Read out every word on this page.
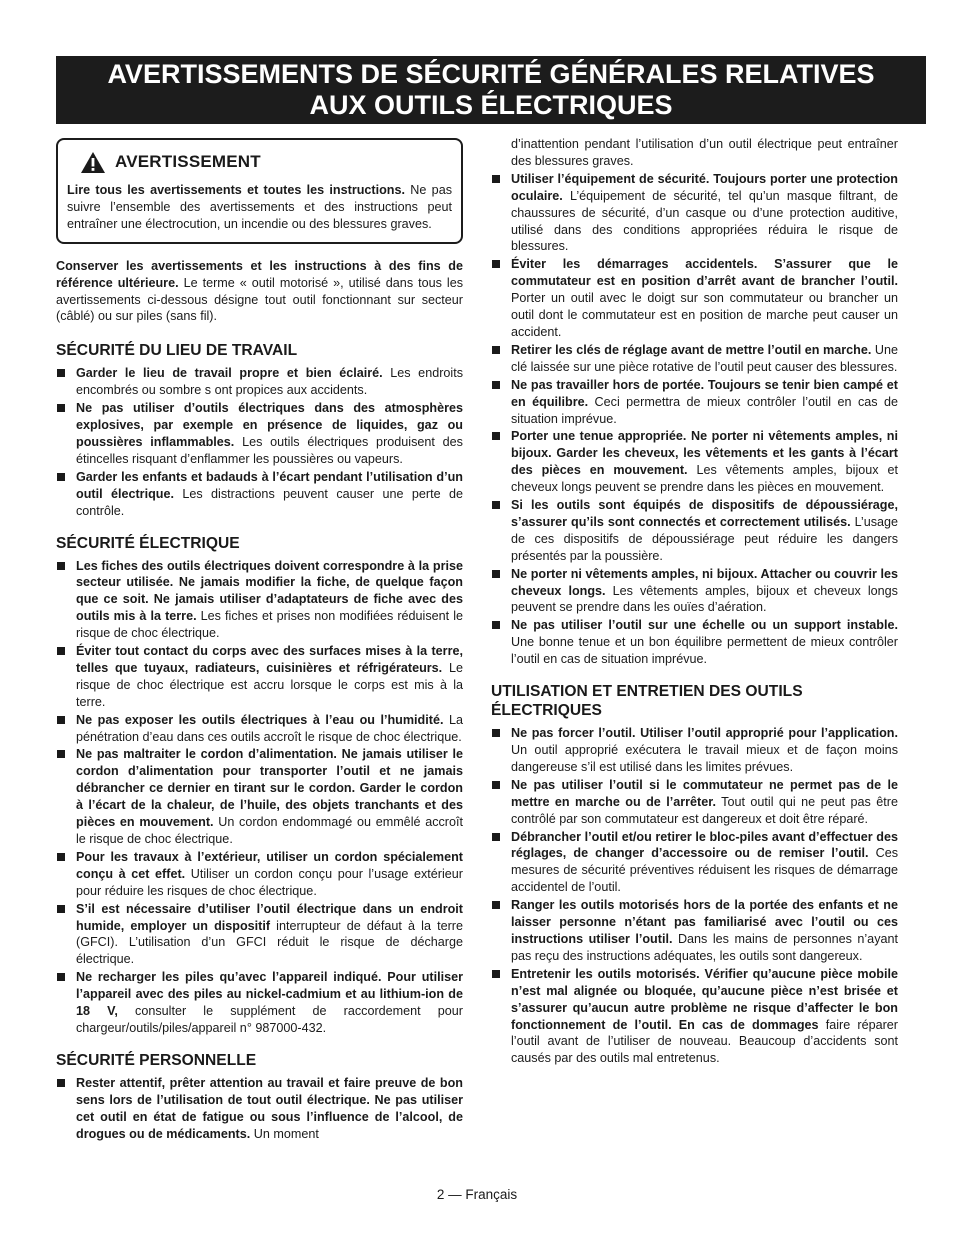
AVERTISSEMENTS DE SÉCURITÉ GÉNÉRALES RELATIVES
AUX OUTILS ÉLECTRIQUES
AVERTISSEMENT
Lire tous les avertissements et toutes les instructions. Ne pas suivre l’ensemble des avertissements et des instructions peut entraîner une électrocution, un incendie ou des blessures graves.

Conserver les avertissements et les instructions à des fins de référence ultérieure. Le terme « outil motorisé », utilisé dans tous les avertissements ci-dessous désigne tout outil fonctionnant sur secteur (câblé) ou sur piles (sans fil).

SÉCURITÉ DU LIEU DE TRAVAIL
Garder le lieu de travail propre et bien éclairé. Les endroits encombrés ou sombre s ont propices aux accidents.
Ne pas utiliser d’outils électriques dans des atmosphères explosives, par exemple en présence de liquides, gaz ou poussières inflammables. Les outils électriques produisent des étincelles risquant d’enflammer les poussières ou vapeurs.
Garder les enfants et badauds à l’écart pendant l’utilisation d’un outil électrique. Les distractions peuvent causer une perte de contrôle.
SÉCURITÉ ÉLECTRIQUE
Les fiches des outils électriques doivent correspondre à la prise secteur utilisée. Ne jamais modifier la fiche, de quelque façon que ce soit. Ne jamais utiliser d’adaptateurs de fiche avec des outils mis à la terre. Les fiches et prises non modifiées réduisent le risque de choc électrique.
Éviter tout contact du corps avec des surfaces mises à la terre, telles que tuyaux, radiateurs, cuisinières et réfrigérateurs. Le risque de choc électrique est accru lorsque le corps est mis à la terre.
Ne pas exposer les outils électriques à l’eau ou l’humidité. La pénétration d’eau dans ces outils accroît le risque de choc électrique.
Ne pas maltraiter le cordon d’alimentation. Ne jamais utiliser le cordon d’alimentation pour transporter l’outil et ne jamais débrancher ce dernier en tirant sur le cordon. Garder le cordon à l’écart de la chaleur, de l’huile, des objets tranchants et des pièces en mouvement. Un cordon endommagé ou emmêlé accroît le risque de choc électrique.
Pour les travaux à l’extérieur, utiliser un cordon spécialement conçu à cet effet. Utiliser un cordon conçu pour l’usage extérieur pour réduire les risques de choc électrique.
S’il est nécessaire d’utiliser l’outil électrique dans un endroit humide, employer un dispositif interrupteur de défaut à la terre (GFCI). L’utilisation d’un GFCI réduit le risque de décharge électrique.
Ne recharger les piles qu’avec l’appareil indiqué. Pour utiliser l’appareil avec des piles au nickel-cadmium et au lithium-ion de 18 V, consulter le supplément de raccordement pour chargeur/outils/piles/appareil n° 987000-432.
SÉCURITÉ PERSONNELLE
Rester attentif, prêter attention au travail et faire preuve de bon sens lors de l’utilisation de tout outil électrique. Ne pas utiliser cet outil en état de fatigue ou sous l’influence de l’alcool, de drogues ou de médicaments. Un moment
d’inattention pendant l’utilisation d’un outil électrique peut entraîner des blessures graves.
Utiliser l’équipement de sécurité. Toujours porter une protection oculaire. L’équipement de sécurité, tel qu’un masque filtrant, de chaussures de sécurité, d’un casque ou d’une protection auditive, utilisé dans des conditions appropriées réduira le risque de blessures.
Éviter les démarrages accidentels. S’assurer que le commutateur est en position d’arrêt avant de brancher l’outil. Porter un outil avec le doigt sur son commutateur ou brancher un outil dont le commutateur est en position de marche peut causer un accident.
Retirer les clés de réglage avant de mettre l’outil en marche. Une clé laissée sur une pièce rotative de l’outil peut causer des blessures.
Ne pas travailler hors de portée. Toujours se tenir bien campé et en équilibre. Ceci permettra de mieux contrôler l’outil en cas de situation imprévue.
Porter une tenue appropriée. Ne porter ni vêtements amples, ni bijoux. Garder les cheveux, les vêtements et les gants à l’écart des pièces en mouvement. Les vêtements amples, bijoux et cheveux longs peuvent se prendre dans les pièces en mouvement.
Si les outils sont équipés de dispositifs de dépoussiérage, s’assurer qu’ils sont connectés et correctement utilisés. L’usage de ces dispositifs de dépoussiérage peut réduire les dangers présentés par la poussière.
Ne porter ni vêtements amples, ni bijoux. Attacher ou couvrir les cheveux longs. Les vêtements amples, bijoux et cheveux longs peuvent se prendre dans les ouïes d’aération.
Ne pas utiliser l’outil sur une échelle ou un support instable. Une bonne tenue et un bon équilibre permettent de mieux contrôler l’outil en cas de situation imprévue.
UTILISATION ET ENTRETIEN DES OUTILS ÉLECTRIQUES
Ne pas forcer l’outil. Utiliser l’outil approprié pour l’application. Un outil approprié exécutera le travail mieux et de façon moins dangereuse s’il est utilisé dans les limites prévues.
Ne pas utiliser l’outil si le commutateur ne permet pas de le mettre en marche ou de l’arrêter. Tout outil qui ne peut pas être contrôlé par son commutateur est dangereux et doit être réparé.
Débrancher l’outil et/ou retirer le bloc-piles avant d’effectuer des réglages, de changer d’accessoire ou de remiser l’outil. Ces mesures de sécurité préventives réduisent les risques de démarrage accidentel de l’outil.
Ranger les outils motorisés hors de la portée des enfants et ne laisser personne n’étant pas familiarisé avec l’outil ou ces instructions utiliser l’outil. Dans les mains de personnes n’ayant pas reçu des instructions adéquates, les outils sont dangereux.
Entretenir les outils motorisés. Vérifier qu’aucune pièce mobile n’est mal alignée ou bloquée, qu’aucune pièce n’est brisée et s’assurer qu’aucun autre problème ne risque d’affecter le bon fonctionnement de l’outil. En cas de dommages faire réparer l’outil avant de l’utiliser de nouveau. Beaucoup d’accidents sont causés par des outils mal entretenus.
2 — Français
